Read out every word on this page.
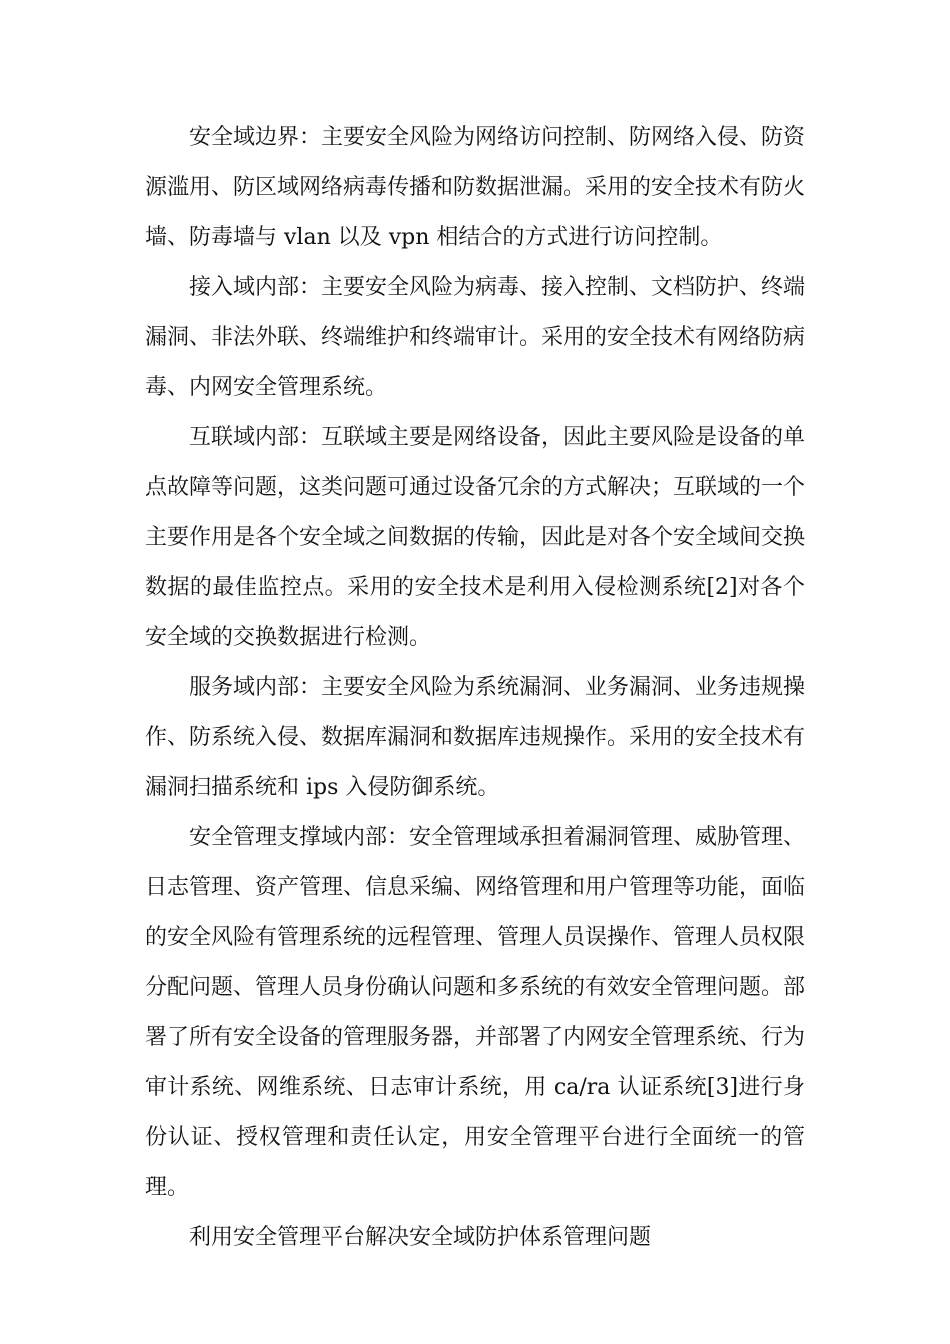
安全域边界：主要安全风险为网络访问控制、防网络入侵、防资源滥用、防区域网络病毒传播和防数据泄漏。采用的安全技术有防火墙、防毒墙与 vlan 以及 vpn 相结合的方式进行访问控制。

接入域内部：主要安全风险为病毒、接入控制、文档防护、终端漏洞、非法外联、终端维护和终端审计。采用的安全技术有网络防病毒、内网安全管理系统。

互联域内部：互联域主要是网络设备，因此主要风险是设备的单点故障等问题，这类问题可通过设备冗余的方式解决；互联域的一个主要作用是各个安全域之间数据的传输，因此是对各个安全域间交换数据的最佳监控点。采用的安全技术是利用入侵检测系统[2]对各个安全域的交换数据进行检测。

服务域内部：主要安全风险为系统漏洞、业务漏洞、业务违规操作、防系统入侵、数据库漏洞和数据库违规操作。采用的安全技术有漏洞扫描系统和 ips 入侵防御系统。

安全管理支撑域内部：安全管理域承担着漏洞管理、威胁管理、日志管理、资产管理、信息采编、网络管理和用户管理等功能，面临的安全风险有管理系统的远程管理、管理人员误操作、管理人员权限分配问题、管理人员身份确认问题和多系统的有效安全管理问题。部署了所有安全设备的管理服务器，并部署了内网安全管理系统、行为审计系统、网维系统、日志审计系统，用 ca/ra 认证系统[3]进行身份认证、授权管理和责任认定，用安全管理平台进行全面统一的管理。

利用安全管理平台解决安全域防护体系管理问题
